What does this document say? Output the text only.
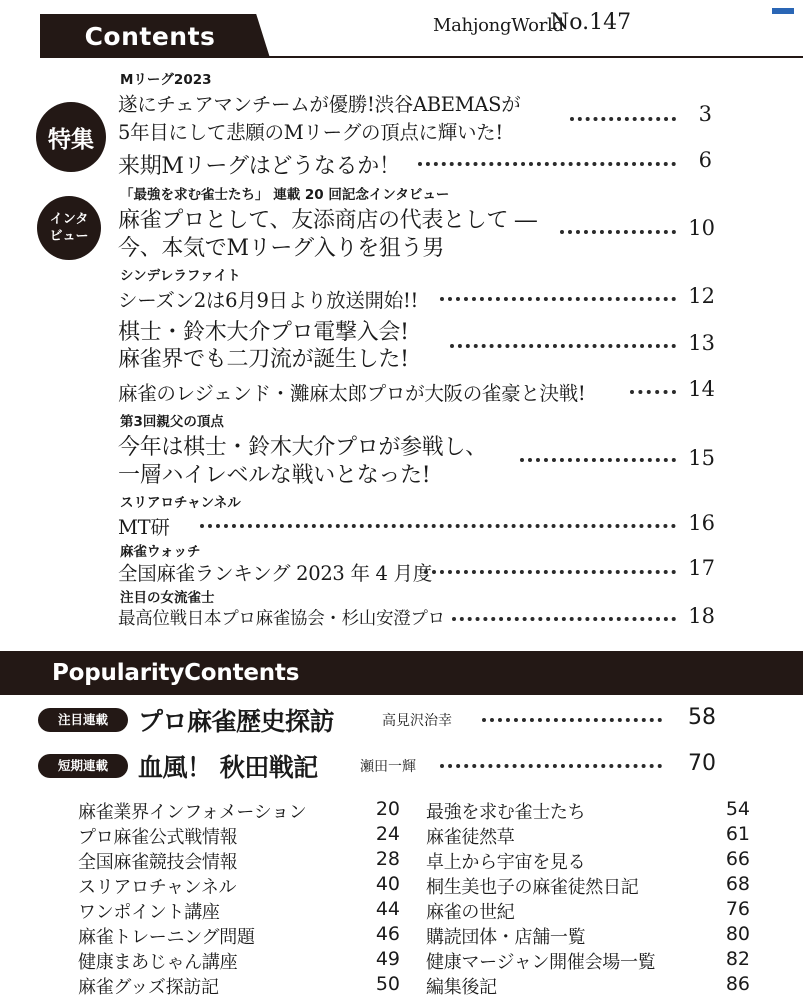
Contents	MahjongWorld
No.147
特集
インタ
ビュー
Mリーグ2023
遂にチェアマンチームが優勝!渋谷ABEMASが
5年目にして悲願のMリーグの頂点に輝いた!
3
来期Mリーグはどうなるか！	6
「最強を求む雀士たち」 連載 20 回記念インタビュー
麻雀プロとして、友添商店の代表として ―
今、本気でMリーグ入りを狙う男
10
シンデレラファイト
シーズン2は6月9日より放送開始!!	12
棋士・鈴木大介プロ電撃入会!
麻雀界でも二刀流が誕生した!
13
麻雀のレジェンド・灘麻太郎プロが大阪の雀豪と決戦!	14
第3回親父の頂点
今年は棋士・鈴木大介プロが参戦し、
一層ハイレベルな戦いとなった!
15
スリアロチャンネル
MT研	16
麻雀ウォッチ
全国麻雀ランキング 2023 年 4 月度	17
注目の女流雀士
最高位戦日本プロ麻雀協会・杉山安澄プロ	18
PopularityContents
注目連載	プロ麻雀歴史探訪	高見沢治幸	58
短期連載	血風！ 秋田戦記	瀬田一輝	70
麻雀業界インフォメーション	20
プロ麻雀公式戦情報	24
全国麻雀競技会情報	28
スリアロチャンネル	40
ワンポイント講座	44
麻雀トレーニング問題	46
健康まあじゃん講座	49
麻雀グッズ探訪記	50
最強を求む雀士たち	54
麻雀徒然草	61
卓上から宇宙を見る	66
桐生美也子の麻雀徒然日記	68
麻雀の世紀	76
購読団体・店舗一覧	80
健康マージャン開催会場一覧	82
編集後記	86
